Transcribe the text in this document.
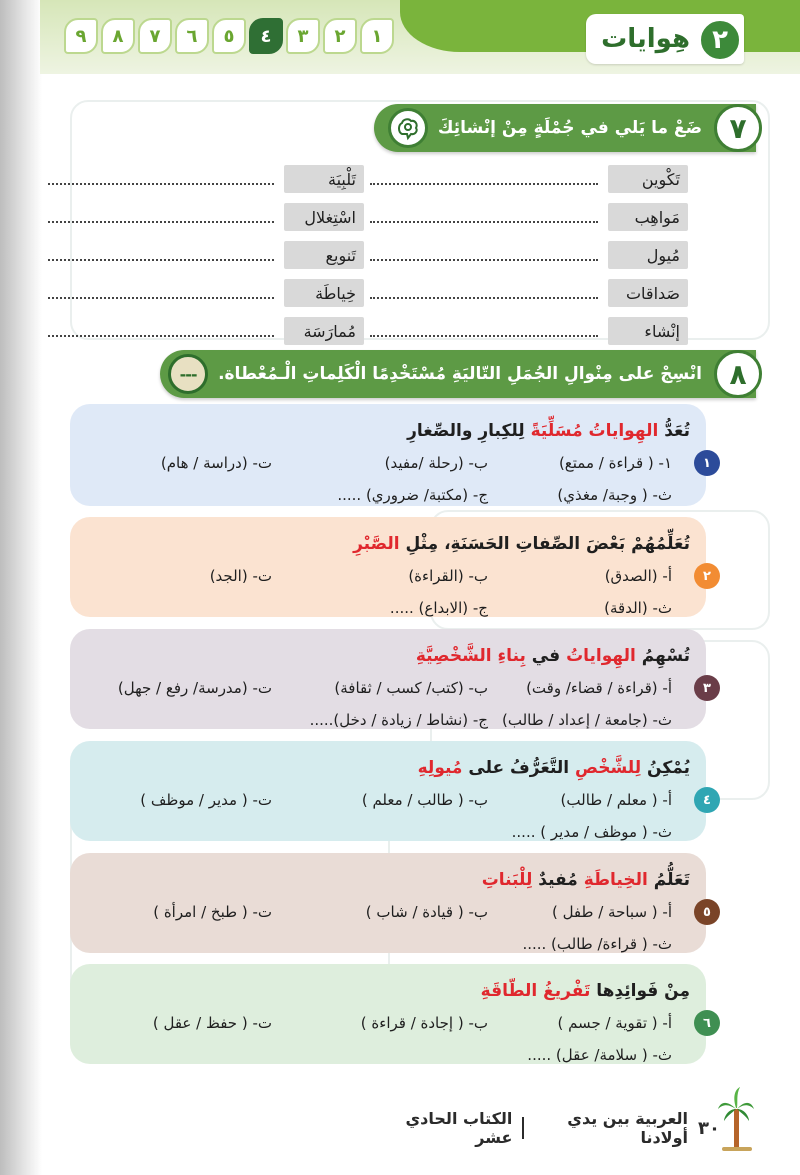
١
٢
٣
٤
٥
٦
٧
٨
٩	هِوايات ٢
٧
ضَعْ ما يَلي في جُمْلَةٍ مِنْ إنْشائِكَ
تَكْوين
مَواهِب
مُيول
صَداقات
إنْشاء
تَلْبِيَة
اسْتِغلال
تَنويع
خِياطَة
مُمارَسَة
٨
انْسِجْ على مِنْوالِ الجُمَلِ التّاليَةِ مُسْتَخْدِمًا الْكَلِماتِ الْـمُعْطاة.
---
١
تُعَدُّ الهِواياتُ مُسَلِّيَةً لِلكِبارِ والصِّغارِ
١- ( قراءة / ممتع)
ب- (رحلة /مفيد)
ت- (دراسة / هام)
ث- ( وجبة/ مغذي)
ج- (مكتبة/ ضروري) .....
٢
تُعَلِّمُهُمْ بَعْضَ الصِّفاتِ الحَسَنَةِ، مِثْلِ الصَّبْرِ
أ- (الصدق)
ب- (القراءة)
ت- (الجد)
ث- (الدقة)
ج- (الابداع) .....
٣
تُسْهِمُ الهِواياتُ في بِناءِ الشَّخْصِيَّةِ
أ- (قراءة / قضاء/ وقت)
ب- (كتب/ كسب / ثقافة)
ت- (مدرسة/ رفع / جهل)
ث- (جامعة / إعداد / طالب)
ج- (نشاط / زيادة / دخل).....
٤
يُمْكِنُ لِلشَّخْصِ التَّعَرُّفُ على مُيولِهِ
أ- ( معلم / طالب)
ب- ( طالب / معلم )
ت- ( مدير / موظف )
ث- ( موظف / مدير ) .....
٥
تَعَلُّمُ الخِياطَةِ مُفيدٌ لِلْبَناتِ
أ- ( سباحة / طفل )
ب- ( قيادة / شاب )
ت- ( طبخ / امرأة )
ث- ( قراءة/ طالب) .....
٦
مِنْ فَوائِدِها تَفْريغُ الطّاقَةِ
أ- ( تقوية / جسم )
ب- ( إجادة / قراءة )
ت- ( حفظ / عقل )
ث- ( سلامة/ عقل) .....
٣٠
العربية بين يدي أولادنا
الكتاب الحادي عشر
